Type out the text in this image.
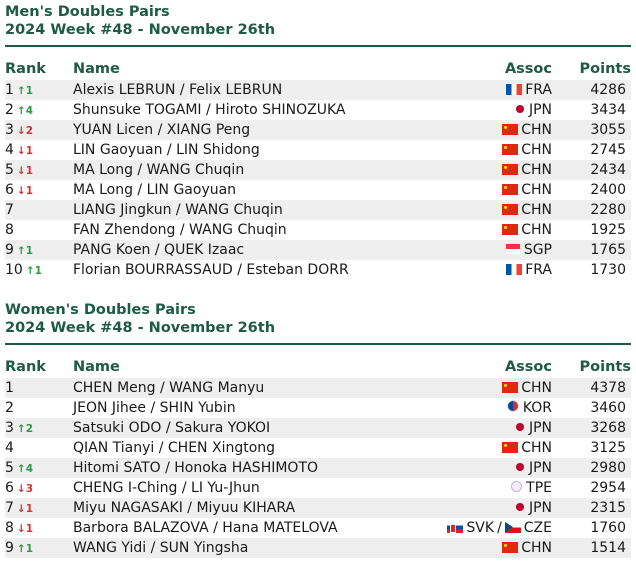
Men's Doubles Pairs
2024 Week #48 - November 26th
Rank Name	Assoc Points
1 ↑1	Alexis LEBRUN / Felix LEBRUN	FRA	4286
2 ↑4	Shunsuke TOGAMI / Hiroto SHINOZUKA	JPN	3434
3 ↓2	YUAN Licen / XIANG Peng	CHN	3055
4 ↓1	LIN Gaoyuan / LIN Shidong	CHN	2745
5 ↓1	MA Long / WANG Chuqin	CHN	2434
6 ↓1	MA Long / LIN Gaoyuan	CHN	2400
7	LIANG Jingkun / WANG Chuqin	CHN	2280
8	FAN Zhendong / WANG Chuqin	CHN	1925
9 ↑1	PANG Koen / QUEK Izaac	SGP	1765
10 ↑1 Florian BOURRASSAUD / Esteban DORR	FRA	1730
Women's Doubles Pairs
2024 Week #48 - November 26th
Rank Name	Assoc Points
1	CHEN Meng / WANG Manyu	CHN	4378
2	JEON Jihee / SHIN Yubin	KOR	3460
3 ↑2	Satsuki ODO / Sakura YOKOI	JPN	3268
4	QIAN Tianyi / CHEN Xingtong	CHN	3125
5 ↑4	Hitomi SATO / Honoka HASHIMOTO	JPN	2980
6 ↓3	CHENG I-Ching / LI Yu-Jhun	TPE	2954
7 ↓1	Miyu NAGASAKI / Miyuu KIHARA	JPN	2315
8 ↓1	Barbora BALAZOVA / Hana MATELOVA	SVK / CZE	1760
9 ↑1	WANG Yidi / SUN Yingsha	CHN	1514
